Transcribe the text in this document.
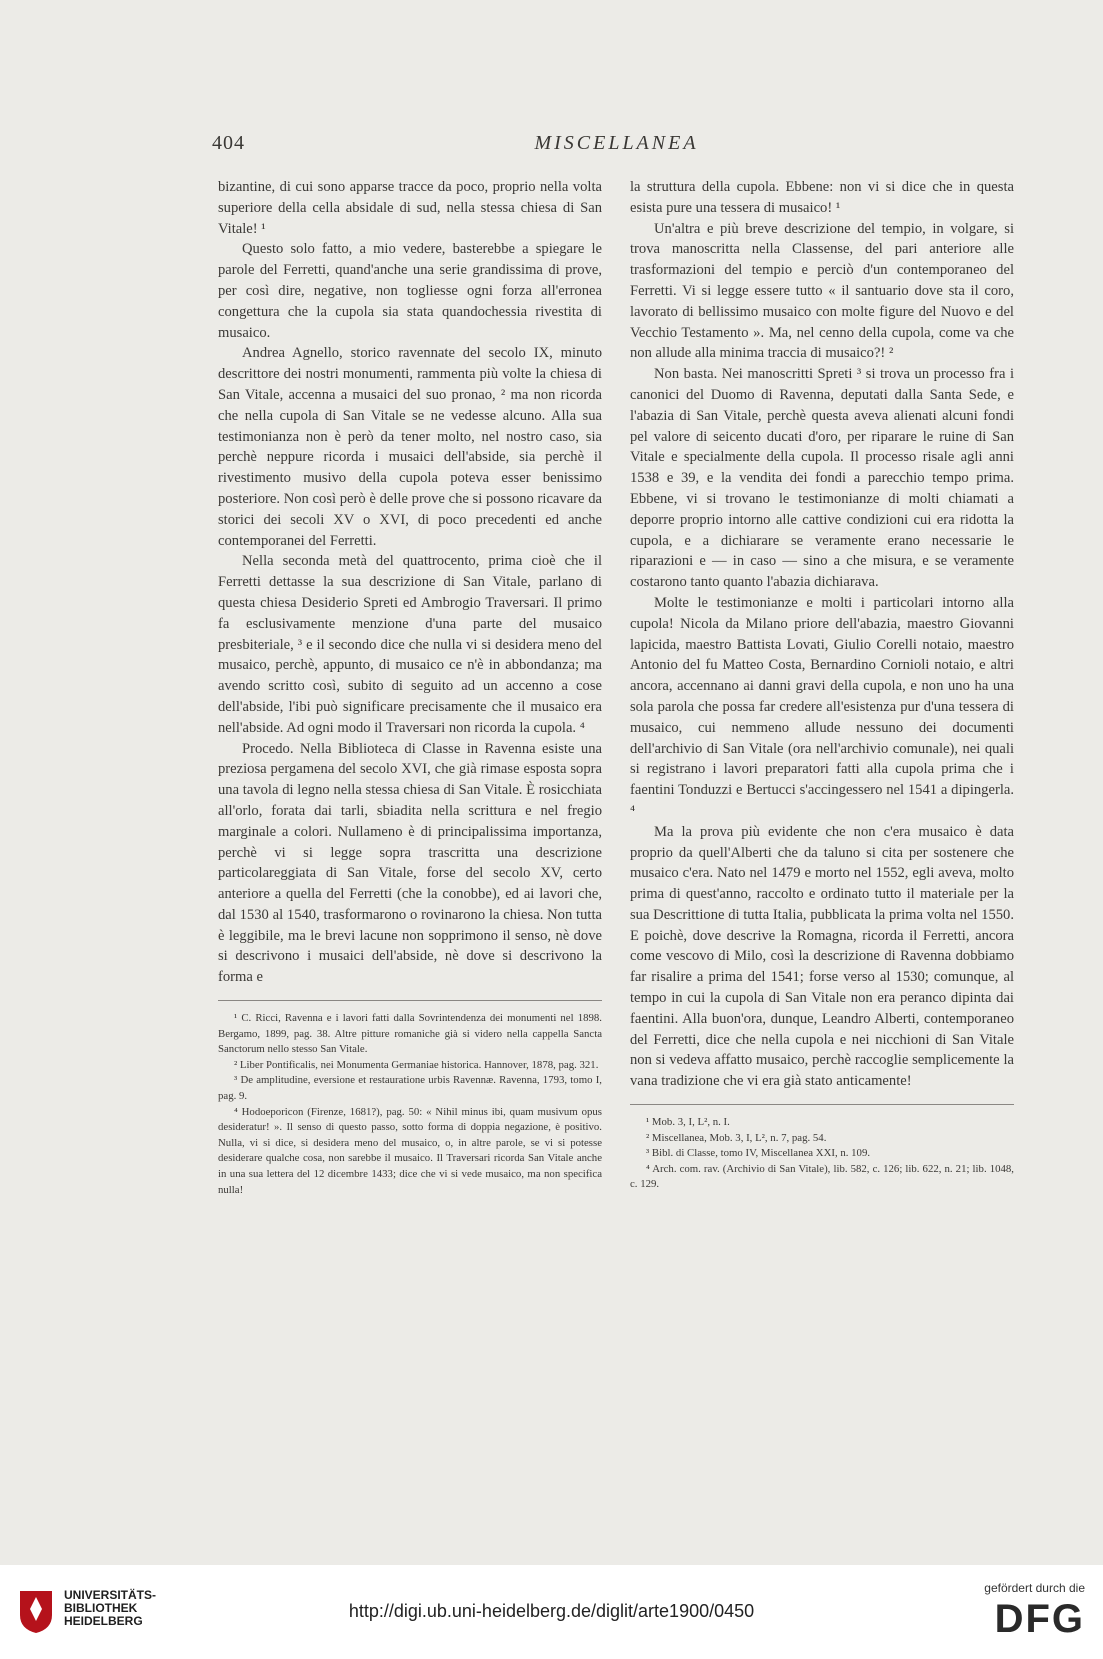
404	MISCELLANEA

bizantine, di cui sono apparse tracce da poco, proprio nella volta superiore della cella absidale di sud, nella stessa chiesa di San Vitale! ¹

Questo solo fatto, a mio vedere, basterebbe a spiegare le parole del Ferretti, quand'anche una serie grandissima di prove, per così dire, negative, non togliesse ogni forza all'erronea congettura che la cupola sia stata quandochessia rivestita di musaico.

Andrea Agnello, storico ravennate del secolo IX, minuto descrittore dei nostri monumenti, rammenta più volte la chiesa di San Vitale, accenna a musaici del suo pronao, ² ma non ricorda che nella cupola di San Vitale se ne vedesse alcuno. Alla sua testimonianza non è però da tener molto, nel nostro caso, sia perchè neppure ricorda i musaici dell'abside, sia perchè il rivestimento musivo della cupola poteva esser benissimo posteriore. Non così però è delle prove che si possono ricavare da storici dei secoli XV o XVI, di poco precedenti ed anche contemporanei del Ferretti.

Nella seconda metà del quattrocento, prima cioè che il Ferretti dettasse la sua descrizione di San Vitale, parlano di questa chiesa Desiderio Spreti ed Ambrogio Traversari. Il primo fa esclusivamente menzione d'una parte del musaico presbiteriale, ³ e il secondo dice che nulla vi si desidera meno del musaico, perchè, appunto, di musaico ce n'è in abbondanza; ma avendo scritto così, subito di seguito ad un accenno a cose dell'abside, l'ibi può significare precisamente che il musaico era nell'abside. Ad ogni modo il Traversari non ricorda la cupola. ⁴

Procedo. Nella Biblioteca di Classe in Ravenna esiste una preziosa pergamena del secolo XVI, che già rimase esposta sopra una tavola di legno nella stessa chiesa di San Vitale. È rosicchiata all'orlo, forata dai tarli, sbiadita nella scrittura e nel fregio marginale a colori. Nullameno è di principalissima importanza, perchè vi si legge sopra trascritta una descrizione particolareggiata di San Vitale, forse del secolo XV, certo anteriore a quella del Ferretti (che la conobbe), ed ai lavori che, dal 1530 al 1540, trasformarono o rovinarono la chiesa. Non tutta è leggibile, ma le brevi lacune non sopprimono il senso, nè dove si descrivono i musaici dell'abside, nè dove si descrivono la forma e

¹ C. Ricci, Ravenna e i lavori fatti dalla Sovrintendenza dei monumenti nel 1898. Bergamo, 1899, pag. 38. Altre pitture romaniche già si videro nella cappella Sancta Sanctorum nello stesso San Vitale.

² Liber Pontificalis, nei Monumenta Germaniae historica. Hannover, 1878, pag. 321.

³ De amplitudine, eversione et restauratione urbis Ravennæ. Ravenna, 1793, tomo I, pag. 9.

⁴ Hodoeporicon (Firenze, 1681?), pag. 50: « Nihil minus ibi, quam musivum opus desideratur! ». Il senso di questo passo, sotto forma di doppia negazione, è positivo. Nulla, vi si dice, si desidera meno del musaico, o, in altre parole, se vi si potesse desiderare qualche cosa, non sarebbe il musaico. Il Traversari ricorda San Vitale anche in una sua lettera del 12 dicembre 1433; dice che vi si vede musaico, ma non specifica nulla!

la struttura della cupola. Ebbene: non vi si dice che in questa esista pure una tessera di musaico! ¹

Un'altra e più breve descrizione del tempio, in volgare, si trova manoscritta nella Classense, del pari anteriore alle trasformazioni del tempio e perciò d'un contemporaneo del Ferretti. Vi si legge essere tutto « il santuario dove sta il coro, lavorato di bellissimo musaico con molte figure del Nuovo e del Vecchio Testamento ». Ma, nel cenno della cupola, come va che non allude alla minima traccia di musaico?! ²

Non basta. Nei manoscritti Spreti ³ si trova un processo fra i canonici del Duomo di Ravenna, deputati dalla Santa Sede, e l'abazia di San Vitale, perchè questa aveva alienati alcuni fondi pel valore di seicento ducati d'oro, per riparare le ruine di San Vitale e specialmente della cupola. Il processo risale agli anni 1538 e 39, e la vendita dei fondi a parecchio tempo prima. Ebbene, vi si trovano le testimonianze di molti chiamati a deporre proprio intorno alle cattive condizioni cui era ridotta la cupola, e a dichiarare se veramente erano necessarie le riparazioni e — in caso — sino a che misura, e se veramente costarono tanto quanto l'abazia dichiarava.

Molte le testimonianze e molti i particolari intorno alla cupola! Nicola da Milano priore dell'abazia, maestro Giovanni lapicida, maestro Battista Lovati, Giulio Corelli notaio, maestro Antonio del fu Matteo Costa, Bernardino Cornioli notaio, e altri ancora, accennano ai danni gravi della cupola, e non uno ha una sola parola che possa far credere all'esistenza pur d'una tessera di musaico, cui nemmeno allude nessuno dei documenti dell'archivio di San Vitale (ora nell'archivio comunale), nei quali si registrano i lavori preparatori fatti alla cupola prima che i faentini Tonduzzi e Bertucci s'accingessero nel 1541 a dipingerla. ⁴

Ma la prova più evidente che non c'era musaico è data proprio da quell'Alberti che da taluno si cita per sostenere che musaico c'era. Nato nel 1479 e morto nel 1552, egli aveva, molto prima di quest'anno, raccolto e ordinato tutto il materiale per la sua Descrittione di tutta Italia, pubblicata la prima volta nel 1550. E poichè, dove descrive la Romagna, ricorda il Ferretti, ancora come vescovo di Milo, così la descrizione di Ravenna dobbiamo far risalire a prima del 1541; forse verso al 1530; comunque, al tempo in cui la cupola di San Vitale non era peranco dipinta dai faentini. Alla buon'ora, dunque, Leandro Alberti, contemporaneo del Ferretti, dice che nella cupola e nei nicchioni di San Vitale non si vedeva affatto musaico, perchè raccoglie semplicemente la vana tradizione che vi era già stato anticamente!

¹ Mob. 3, I, L², n. I.

² Miscellanea, Mob. 3, I, L², n. 7, pag. 54.

³ Bibl. di Classe, tomo IV, Miscellanea XXI, n. 109.

⁴ Arch. com. rav. (Archivio di San Vitale), lib. 582, c. 126; lib. 622, n. 21; lib. 1048, c. 129.

UNIVERSITÄTS-
BIBLIOTHEK
HEIDELBERG	http://digi.ub.uni-heidelberg.de/diglit/arte1900/0450
gefördert durch die
DFG
